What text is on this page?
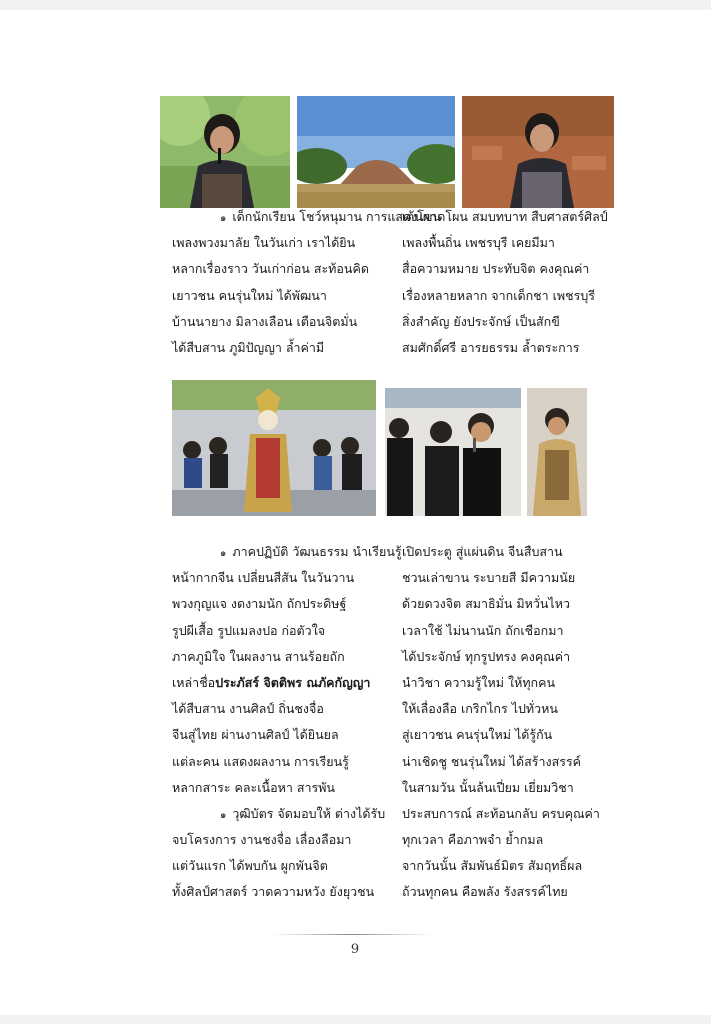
๑ เด็กนักเรียน โชว์หนุมาน การแสดงโขน
เพลงพวงมาลัย ในวันเก่า เราได้ยิน
หลากเรื่องราว วันเก่าก่อน สะท้อนคิด
เยาวชน คนรุ่นใหม่ ได้พัฒนา
บ้านนายาง มิลางเลือน เตือนจิตมั่น
ได้สืบสาน ภูมิปัญญา ล้ำค่ามี
เต้นผาดโผน สมบทบาท สืบศาสตร์ศิลป์
เพลงพื้นถิ่น เพชรบุรี เคยมีมา
สื่อความหมาย ประทับจิต คงคุณค่า
เรื่องหลายหลาก จากเด็กชา เพชรบุรี
สิ่งสำคัญ ยังประจักษ์ เป็นสักขี
สมศักดิ์ศรี อารยธรรม ล้ำตระการ
๑ ภาคปฏิบัติ วัฒนธรรม นำเรียนรู้
หน้ากากจีน เปลี่ยนสีสัน ในวันวาน
พวงกุญแจ งดงามนัก ถักประดิษฐ์
รูปผีเสื้อ รูปแมลงปอ ก่อตัวใจ
ภาคภูมิใจ ในผลงาน สานร้อยถัก
เหล่าชื่อประภัสร์ จิตติพร ณภัคกัญญา
ได้สืบสาน งานศิลป์ ถิ่นชงจื่อ
จีนสู่ไทย ผ่านงานศิลป์ ได้ยินยล
แต่ละคน แสดงผลงาน การเรียนรู้
หลากสาระ คละเนื้อหา สารพัน
๑ วุฒิบัตร จัดมอบให้ ต่างได้รับ
จบโครงการ งานชงจื่อ เลื่องลือมา
แต่วันแรก ได้พบกัน ผูกพันจิต
ทั้งศิลป์ศาสตร์ วาดความหวัง ยังยุวชน
เปิดประตู สู่แผ่นดิน จีนสืบสาน
ชวนเล่าขาน ระบายสี มีความนัย
ด้วยดวงจิต สมาธิมั่น มิหวั่นไหว
เวลาใช้ ไม่นานนัก ถักเชือกมา
ได้ประจักษ์ ทุกรูปทรง คงคุณค่า
นำวิชา ความรู้ใหม่ ให้ทุกคน
ให้เลื่องลือ เกริกไกร ไปทั่วหน
สู่เยาวชน คนรุ่นใหม่ ได้รู้กัน
น่าเชิดชู ชนรุ่นใหม่ ได้สร้างสรรค์
ในสามวัน นั้นล้นเปี่ยม เยี่ยมวิชา
ประสบการณ์ สะท้อนกลับ ครบคุณค่า
ทุกเวลา คือภาพจำ ย้ำกมล
จากวันนั้น สัมพันธ์มิตร สัมฤทธิ์ผล
ถ้วนทุกคน คือพลัง รังสรรค์ไทย
9
